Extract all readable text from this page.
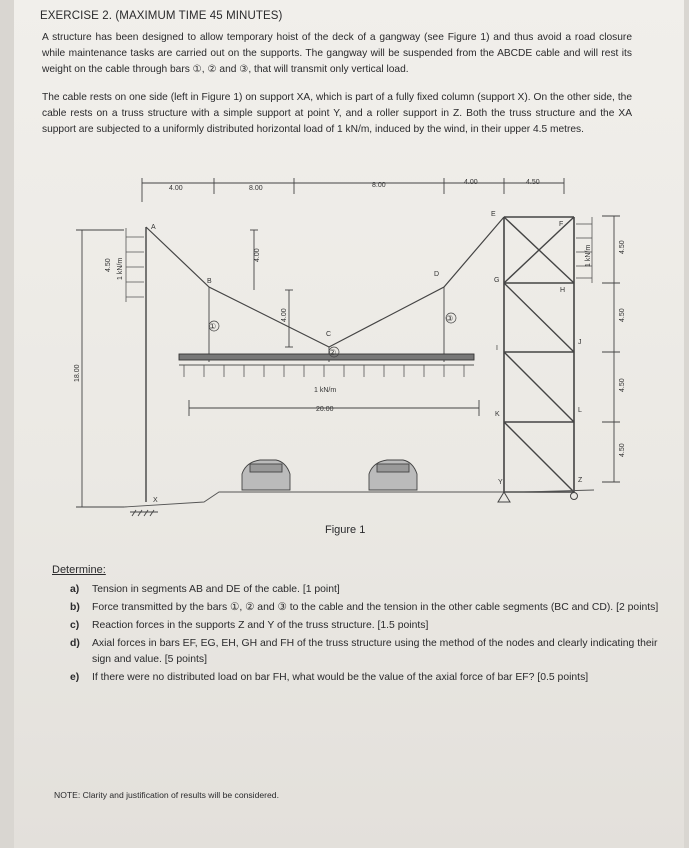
EXERCISE 2. (MAXIMUM TIME 45 MINUTES)
A structure has been designed to allow temporary hoist of the deck of a gangway (see Figure 1) and thus avoid a road closure while maintenance tasks are carried out on the supports. The gangway will be suspended from the ABCDE cable and will rest its weight on the cable through bars ①, ② and ③, that will transmit only vertical load.
The cable rests on one side (left in Figure 1) on support XA, which is part of a fully fixed column (support X). On the other side, the cable rests on a truss structure with a simple support at point Y, and a roller support in Z. Both the truss structure and the XA support are subjected to a uniformly distributed horizontal load of 1 kN/m, induced by the wind, in their upper 4.5 metres.
4.00	8.00	8.00	4.00	4.50
18.00
4.50
4.50
4.50
4.50
4.00
4.00
4.50 1 kN/m
1 kN/m
1 kN/m
20.00
A
B
C
D
E
F
G
H
I
J
K
L
X
Y	Z
①
②
③
Figure 1
Determine:
a) Tension in segments AB and DE of the cable. [1 point]
b) Force transmitted by the bars ①, ② and ③ to the cable and the tension in the other cable segments (BC and CD). [2 points]
c) Reaction forces in the supports Z and Y of the truss structure. [1.5 points]
d) Axial forces in bars EF, EG, EH, GH and FH of the truss structure using the method of the nodes and clearly indicating their sign and value. [5 points]
e) If there were no distributed load on bar FH, what would be the value of the axial force of bar EF? [0.5 points]
NOTE: Clarity and justification of results will be considered.
